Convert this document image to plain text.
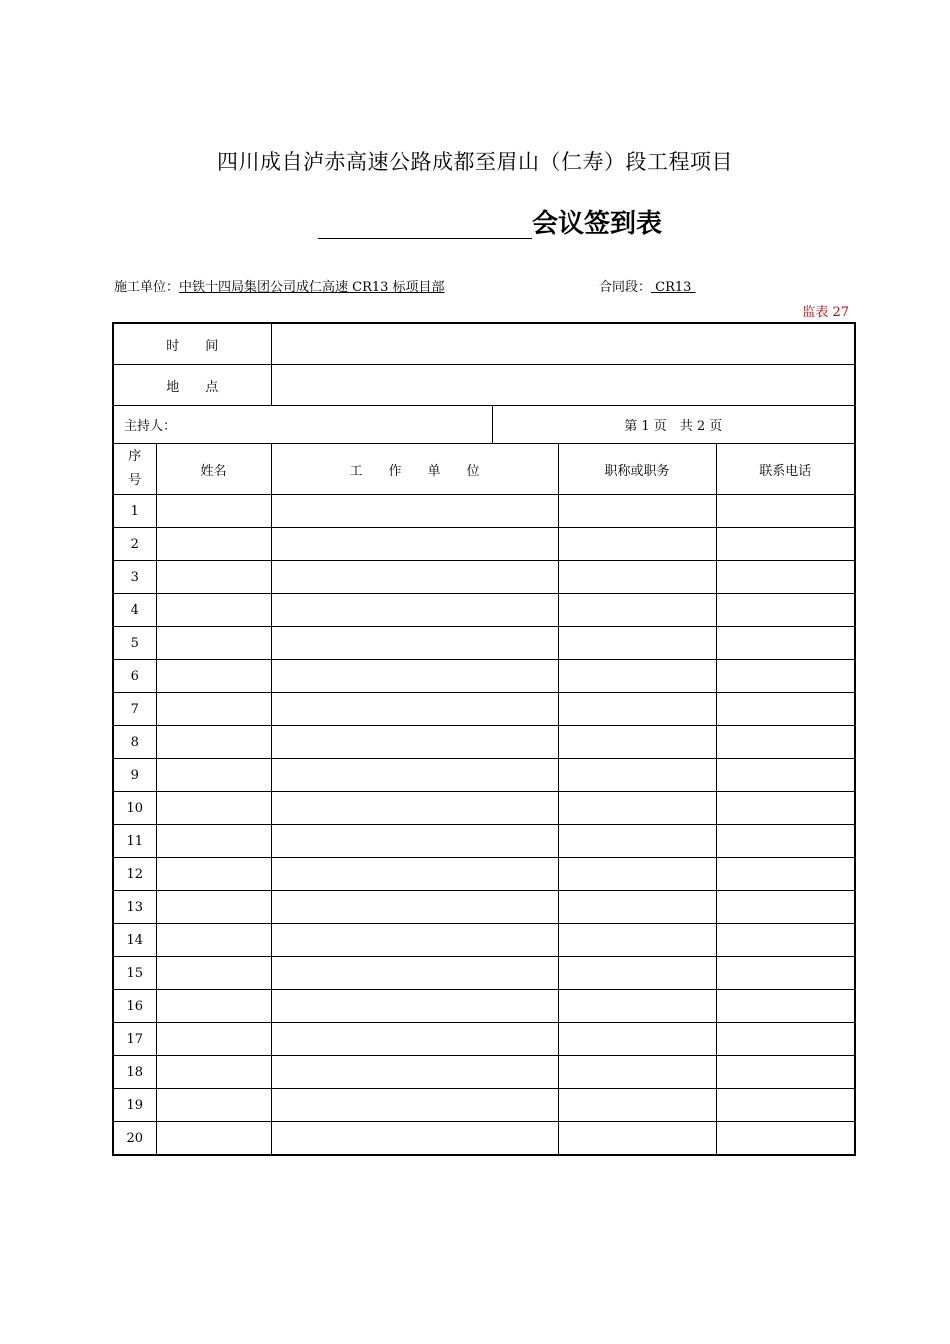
四川成自泸赤高速公路成都至眉山（仁寿）段工程项目
会议签到表
施工单位：中铁十四局集团公司成仁高速 CR13 标项目部	合同段： CR13
监表 27
时　　间					
地　　点					
主持人：			第 1 页　共 2 页		
序
号	姓名	工　　作　　单　　位		职称或职务	联系电话
1					
2					
3					
4					
5					
6					
7					
8					
9					
10					
11					
12					
13					
14					
15					
16					
17					
18					
19					
20					
